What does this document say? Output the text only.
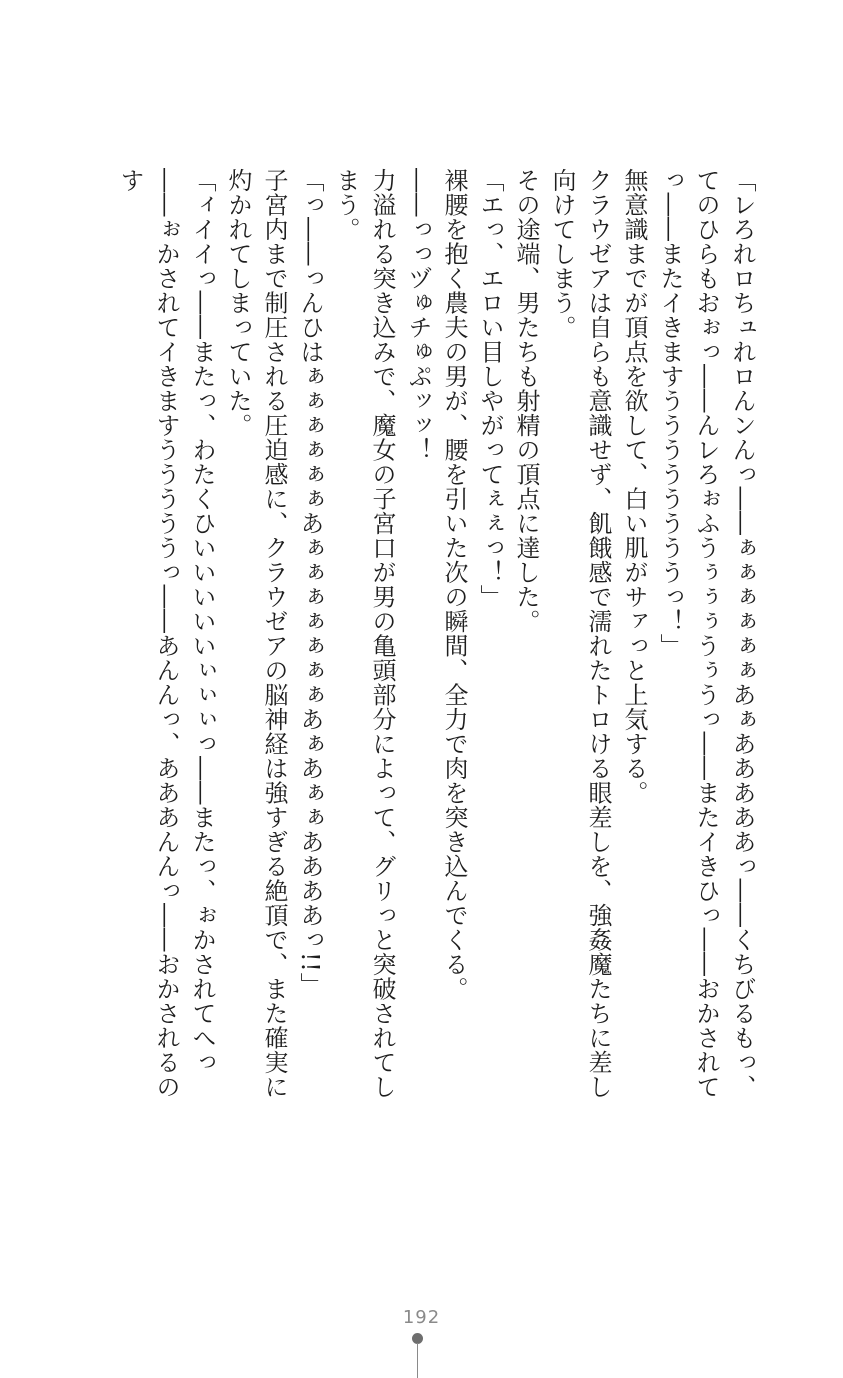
「レろれロちュれロんンんっ――ぁぁぁぁぁぁあぁあああああっ――くちびるもっ、てのひらもおぉっ――んレろぉふうぅぅぅうぅうっ――またイきひっ――おかされてっ――またイきますううううううううっ！」
無意識までが頂点を欲して、白い肌がサァっと上気する。
クラウゼアは自らも意識せず、飢餓感で濡れたトロける眼差しを、強姦魔たちに差し向けてしまう。
その途端、男たちも射精の頂点に達した。
「エっ、エロい目しやがってぇぇっ！」
裸腰を抱く農夫の男が、腰を引いた次の瞬間、全力で肉を突き込んでくる。
――っっヅゅチゅぷッッ！
力溢れる突き込みで、魔女の子宮口が男の亀頭部分によって、グリっと突破されてしまう。
「っ――っんひはぁぁぁぁぁぁあぁぁぁぁぁぁぁあぁあぁぁああああっ!!」
子宮内まで制圧される圧迫感に、クラウゼアの脳神経は強すぎる絶頂で、また確実に灼かれてしまっていた。
「ィイイっ――またっ、わたくひいいいいいぃぃぃっ――またっ、ぉかされてへっ――ぉかされてイきますうううううっ――あんんっ、あああんんっ――おかされるのす
192
